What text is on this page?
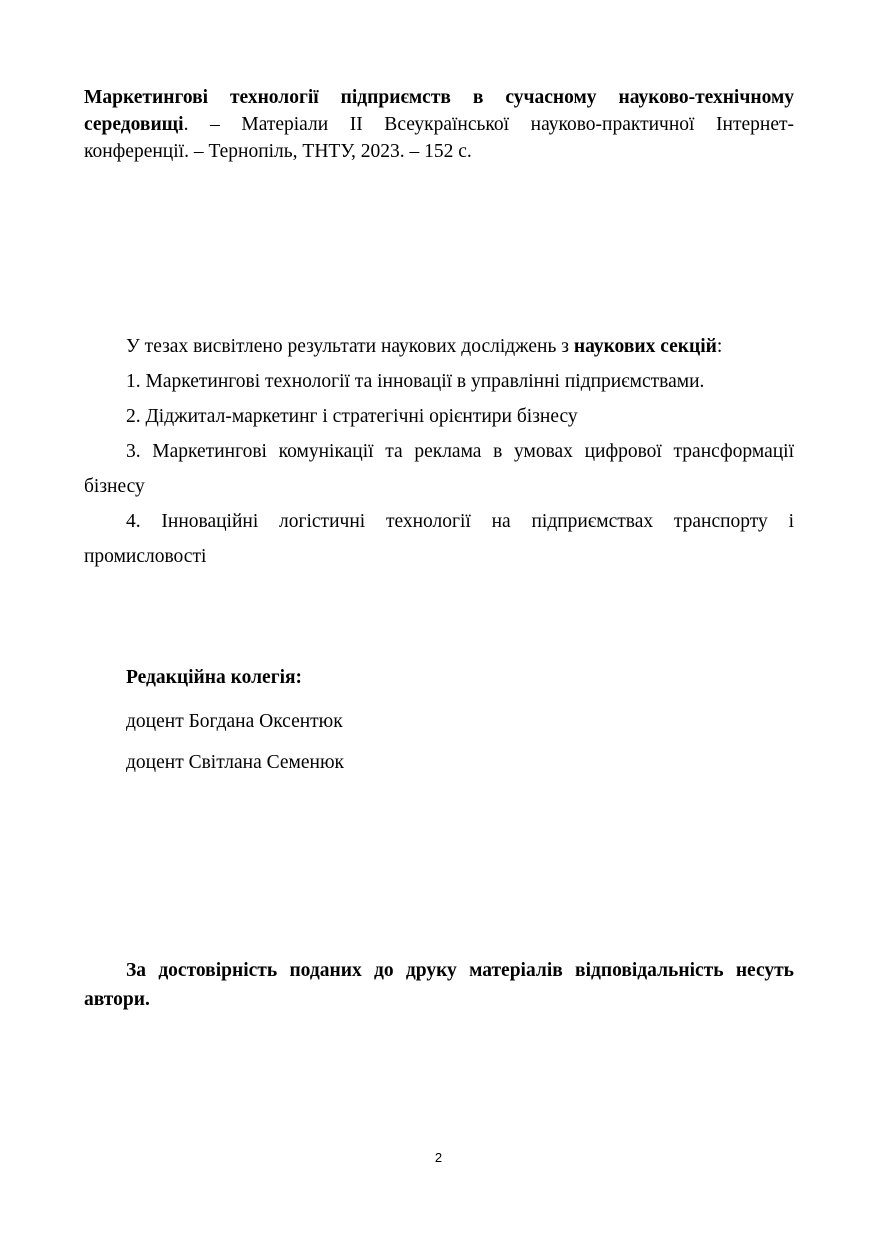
Маркетингові технології підприємств в сучасному науково-технічному середовищі. – Матеріали ІІ Всеукраїнської науково-практичної Інтернет-конференції. – Тернопіль, ТНТУ, 2023. – 152 с.

У тезах висвітлено результати наукових досліджень з наукових секцій:

1. Маркетингові технології та інновації в управлінні підприємствами.

2. Діджитал-маркетинг і стратегічні орієнтири бізнесу

3. Маркетингові комунікації та реклама в умовах цифрової трансформації бізнесу

4. Інноваційні логістичні технології на підприємствах транспорту і промисловості

Редакційна колегія:

доцент Богдана Оксентюк

доцент Світлана Семенюк

За достовірність поданих до друку матеріалів відповідальність несуть автори.

2
